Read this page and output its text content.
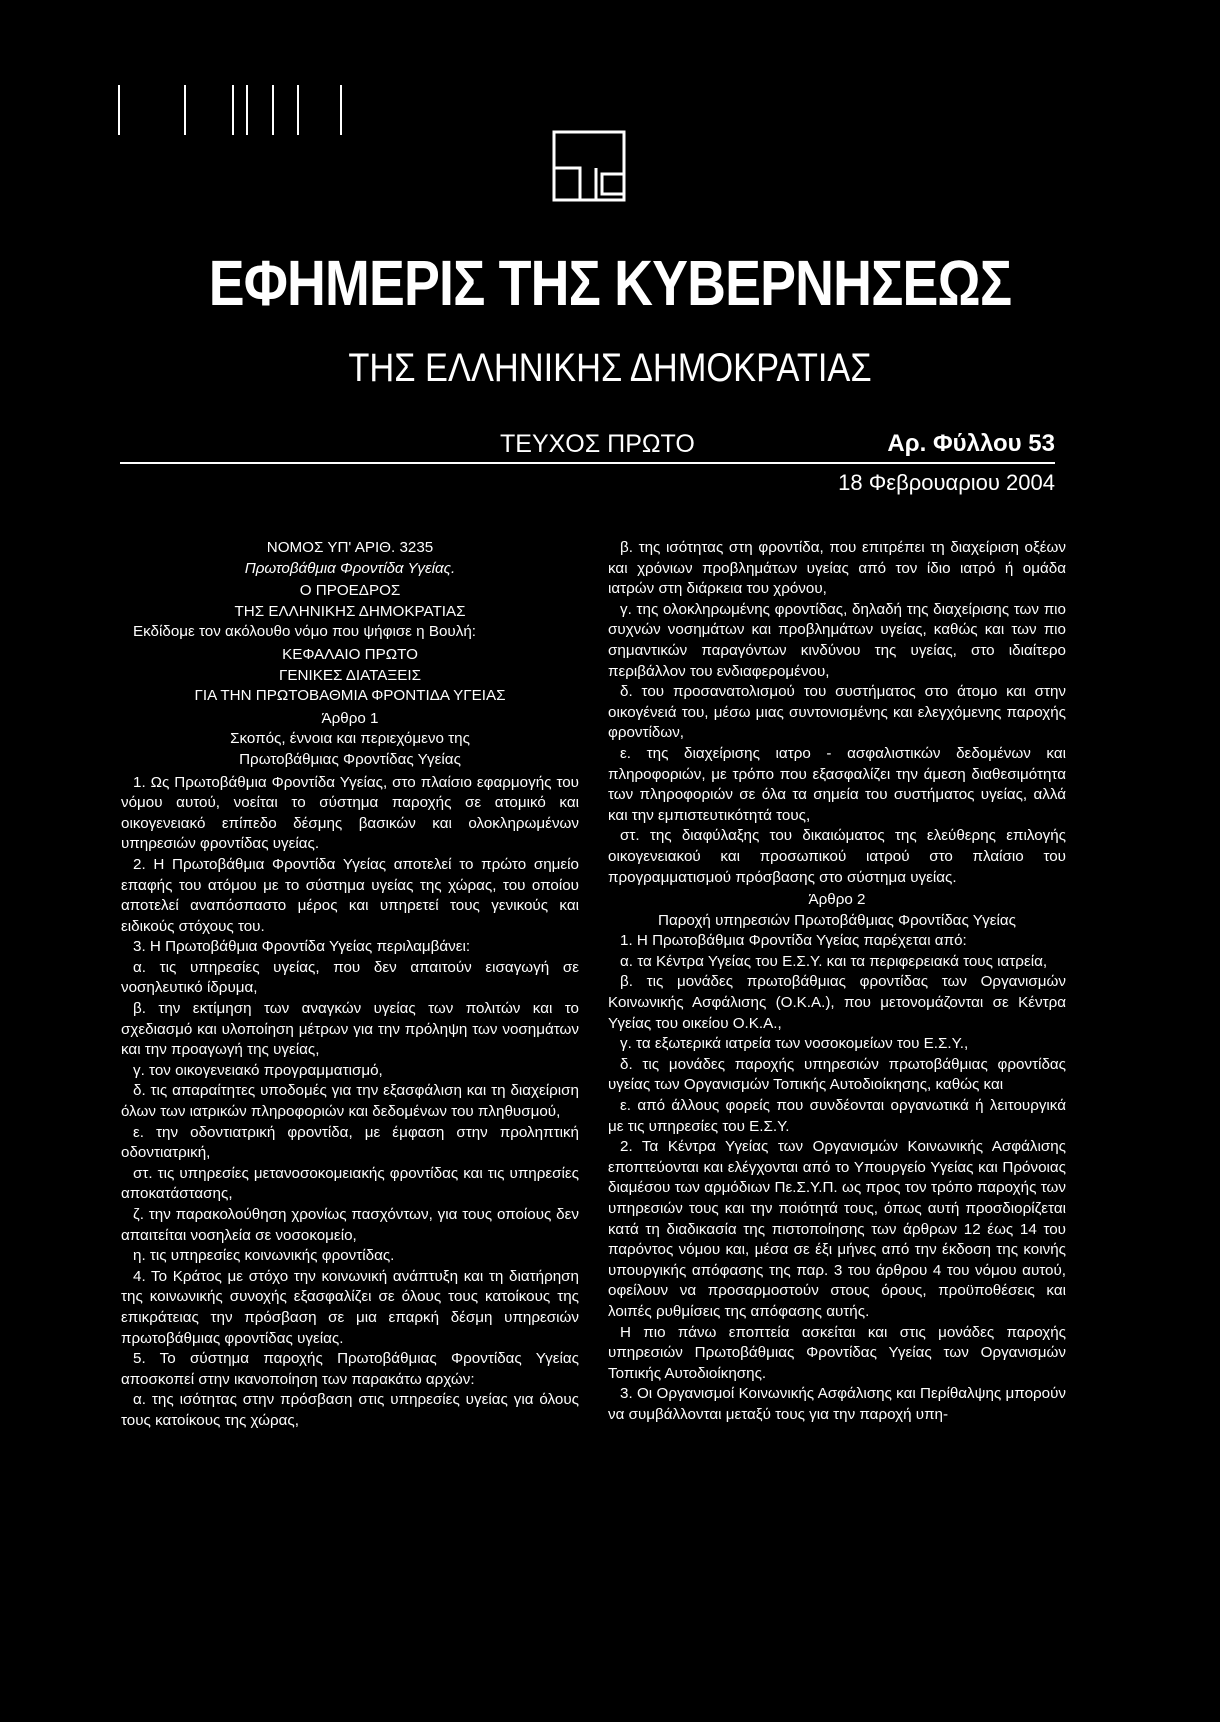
ΕΦΗΜΕΡΙΣ ΤΗΣ ΚΥΒΕΡΝΗΣΕΩΣ
ΤΗΣ ΕΛΛΗΝΙΚΗΣ ΔΗΜΟΚΡΑΤΙΑΣ
ΤΕΥΧΟΣ ΠΡΩΤΟ	Αρ. Φύλλου 53
18 Φεβρουαριου 2004

ΝΟΜΟΣ ΥΠ' ΑΡΙΘ. 3235

Πρωτοβάθμια Φροντίδα Υγείας.

Ο ΠΡΟΕΔΡΟΣ

ΤΗΣ ΕΛΛΗΝΙΚΗΣ ΔΗΜΟΚΡΑΤΙΑΣ

Εκδίδομε τον ακόλουθο νόμο που ψήφισε η Βουλή:

ΚΕΦΑΛΑΙΟ ΠΡΩΤΟ

ΓΕΝΙΚΕΣ ΔΙΑΤΑΞΕΙΣ

ΓΙΑ ΤΗΝ ΠΡΩΤΟΒΑΘΜΙΑ ΦΡΟΝΤΙΔΑ ΥΓΕΙΑΣ

Άρθρο 1

Σκοπός, έννοια και περιεχόμενο της

Πρωτοβάθμιας Φροντίδας Υγείας

1. Ως Πρωτοβάθμια Φροντίδα Υγείας, στο πλαίσιο εφαρμογής του νόμου αυτού, νοείται το σύστημα παροχής σε ατομικό και οικογενειακό επίπεδο δέσμης βασικών και ολοκληρωμένων υπηρεσιών φροντίδας υγείας.

2. Η Πρωτοβάθμια Φροντίδα Υγείας αποτελεί το πρώτο σημείο επαφής του ατόμου με το σύστημα υγείας της χώρας, του οποίου αποτελεί αναπόσπαστο μέρος και υπηρετεί τους γενικούς και ειδικούς στόχους του.

3. Η Πρωτοβάθμια Φροντίδα Υγείας περιλαμβάνει:

α. τις υπηρεσίες υγείας, που δεν απαιτούν εισαγωγή σε νοσηλευτικό ίδρυμα,

β. την εκτίμηση των αναγκών υγείας των πολιτών και το σχεδιασμό και υλοποίηση μέτρων για την πρόληψη των νοσημάτων και την προαγωγή της υγείας,

γ. τον οικογενειακό προγραμματισμό,

δ. τις απαραίτητες υποδομές για την εξασφάλιση και τη διαχείριση όλων των ιατρικών πληροφοριών και δεδομένων του πληθυσμού,

ε. την οδοντιατρική φροντίδα, με έμφαση στην προληπτική οδοντιατρική,

στ. τις υπηρεσίες μετανοσοκομειακής φροντίδας και τις υπηρεσίες αποκατάστασης,

ζ. την παρακολούθηση χρονίως πασχόντων, για τους οποίους δεν απαιτείται νοσηλεία σε νοσοκομείο,

η. τις υπηρεσίες κοινωνικής φροντίδας.

4. Το Κράτος με στόχο την κοινωνική ανάπτυξη και τη διατήρηση της κοινωνικής συνοχής εξασφαλίζει σε όλους τους κατοίκους της επικράτειας την πρόσβαση σε μια επαρκή δέσμη υπηρεσιών πρωτοβάθμιας φροντίδας υγείας.

5. Το σύστημα παροχής Πρωτοβάθμιας Φροντίδας Υγείας αποσκοπεί στην ικανοποίηση των παρακάτω αρχών:

α. της ισότητας στην πρόσβαση στις υπηρεσίες υγείας για όλους τους κατοίκους της χώρας,

β. της ισότητας στη φροντίδα, που επιτρέπει τη διαχείριση οξέων και χρόνιων προβλημάτων υγείας από τον ίδιο ιατρό ή ομάδα ιατρών στη διάρκεια του χρόνου,

γ. της ολοκληρωμένης φροντίδας, δηλαδή της διαχείρισης των πιο συχνών νοσημάτων και προβλημάτων υγείας, καθώς και των πιο σημαντικών παραγόντων κινδύνου της υγείας, στο ιδιαίτερο περιβάλλον του ενδιαφερομένου,

δ. του προσανατολισμού του συστήματος στο άτομο και στην οικογένειά του, μέσω μιας συντονισμένης και ελεγχόμενης παροχής φροντίδων,

ε. της διαχείρισης ιατρο - ασφαλιστικών δεδομένων και πληροφοριών, με τρόπο που εξασφαλίζει την άμεση διαθεσιμότητα των πληροφοριών σε όλα τα σημεία του συστήματος υγείας, αλλά και την εμπιστευτικότητά τους,

στ. της διαφύλαξης του δικαιώματος της ελεύθερης επιλογής οικογενειακού και προσωπικού ιατρού στο πλαίσιο του προγραμματισμού πρόσβασης στο σύστημα υγείας.

Άρθρο 2

Παροχή υπηρεσιών Πρωτοβάθμιας Φροντίδας Υγείας

1. Η Πρωτοβάθμια Φροντίδα Υγείας παρέχεται από:

α. τα Κέντρα Υγείας του Ε.Σ.Υ. και τα περιφερειακά τους ιατρεία,

β. τις μονάδες πρωτοβάθμιας φροντίδας των Οργανισμών Κοινωνικής Ασφάλισης (Ο.Κ.Α.), που μετονομάζονται σε Κέντρα Υγείας του οικείου Ο.Κ.Α.,

γ. τα εξωτερικά ιατρεία των νοσοκομείων του Ε.Σ.Υ.,

δ. τις μονάδες παροχής υπηρεσιών πρωτοβάθμιας φροντίδας υγείας των Οργανισμών Τοπικής Αυτοδιοίκησης, καθώς και

ε. από άλλους φορείς που συνδέονται οργανωτικά ή λειτουργικά με τις υπηρεσίες του Ε.Σ.Υ.

2. Τα Κέντρα Υγείας των Οργανισμών Κοινωνικής Ασφάλισης εποπτεύονται και ελέγχονται από το Υπουργείο Υγείας και Πρόνοιας διαμέσου των αρμόδιων Πε.Σ.Υ.Π. ως προς τον τρόπο παροχής των υπηρεσιών τους και την ποιότητά τους, όπως αυτή προσδιορίζεται κατά τη διαδικασία της πιστοποίησης των άρθρων 12 έως 14 του παρόντος νόμου και, μέσα σε έξι μήνες από την έκδοση της κοινής υπουργικής απόφασης της παρ. 3 του άρθρου 4 του νόμου αυτού, οφείλουν να προσαρμοστούν στους όρους, προϋποθέσεις και λοιπές ρυθμίσεις της απόφασης αυτής.

Η πιο πάνω εποπτεία ασκείται και στις μονάδες παροχής υπηρεσιών Πρωτοβάθμιας Φροντίδας Υγείας των Οργανισμών Τοπικής Αυτοδιοίκησης.

3. Οι Οργανισμοί Κοινωνικής Ασφάλισης και Περίθαλψης μπορούν να συμβάλλονται μεταξύ τους για την παροχή υπη-
